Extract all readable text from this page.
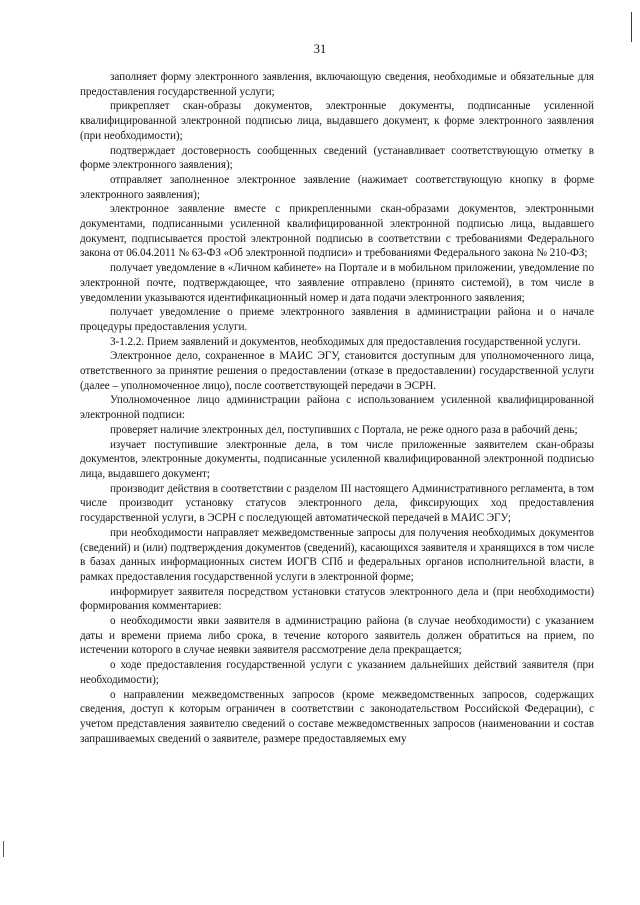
31

заполняет форму электронного заявления, включающую сведения, необходимые и обязательные для предоставления государственной услуги;

прикрепляет скан-образы документов, электронные документы, подписанные усиленной квалифицированной электронной подписью лица, выдавшего документ, к форме электронного заявления (при необходимости);

подтверждает достоверность сообщенных сведений (устанавливает соответствующую отметку в форме электронного заявления);

отправляет заполненное электронное заявление (нажимает соответствующую кнопку в форме электронного заявления);

электронное заявление вместе с прикрепленными скан-образами документов, электронными документами, подписанными усиленной квалифицированной электронной подписью лица, выдавшего документ, подписывается простой электронной подписью в соответствии с требованиями Федерального закона от 06.04.2011 № 63-ФЗ «Об электронной подписи» и требованиями Федерального закона № 210-ФЗ;

получает уведомление в «Личном кабинете» на Портале и в мобильном приложении, уведомление по электронной почте, подтверждающее, что заявление отправлено (принято системой), в том числе в уведомлении указываются идентификационный номер и дата подачи электронного заявления;

получает уведомление о приеме электронного заявления в администрации района и о начале процедуры предоставления услуги.

3-1.2.2. Прием заявлений и документов, необходимых для предоставления государственной услуги.

Электронное дело, сохраненное в МАИС ЭГУ, становится доступным для уполномоченного лица, ответственного за принятие решения о предоставлении (отказе в предоставлении) государственной услуги (далее – уполномоченное лицо), после соответствующей передачи в ЭСРН.

Уполномоченное лицо администрации района с использованием усиленной квалифицированной электронной подписи:

проверяет наличие электронных дел, поступивших с Портала, не реже одного раза в рабочий день;

изучает поступившие электронные дела, в том числе приложенные заявителем скан-образы документов, электронные документы, подписанные усиленной квалифицированной электронной подписью лица, выдавшего документ;

производит действия в соответствии с разделом III настоящего Административного регламента, в том числе производит установку статусов электронного дела, фиксирующих ход предоставления государственной услуги, в ЭСРН с последующей автоматической передачей в МАИС ЭГУ;

при необходимости направляет межведомственные запросы для получения необходимых документов (сведений) и (или) подтверждения документов (сведений), касающихся заявителя и хранящихся в том числе в базах данных информационных систем ИОГВ СПб и федеральных органов исполнительной власти, в рамках предоставления государственной услуги в электронной форме;

информирует заявителя посредством установки статусов электронного дела и (при необходимости) формирования комментариев:

о необходимости явки заявителя в администрацию района (в случае необходимости) с указанием даты и времени приема либо срока, в течение которого заявитель должен обратиться на прием, по истечении которого в случае неявки заявителя рассмотрение дела прекращается;

о ходе предоставления государственной услуги с указанием дальнейших действий заявителя (при необходимости);

о направлении межведомственных запросов (кроме межведомственных запросов, содержащих сведения, доступ к которым ограничен в соответствии с законодательством Российской Федерации), с учетом представления заявителю сведений о составе межведомственных запросов (наименовании и состав запрашиваемых сведений о заявителе, размере предоставляемых ему
